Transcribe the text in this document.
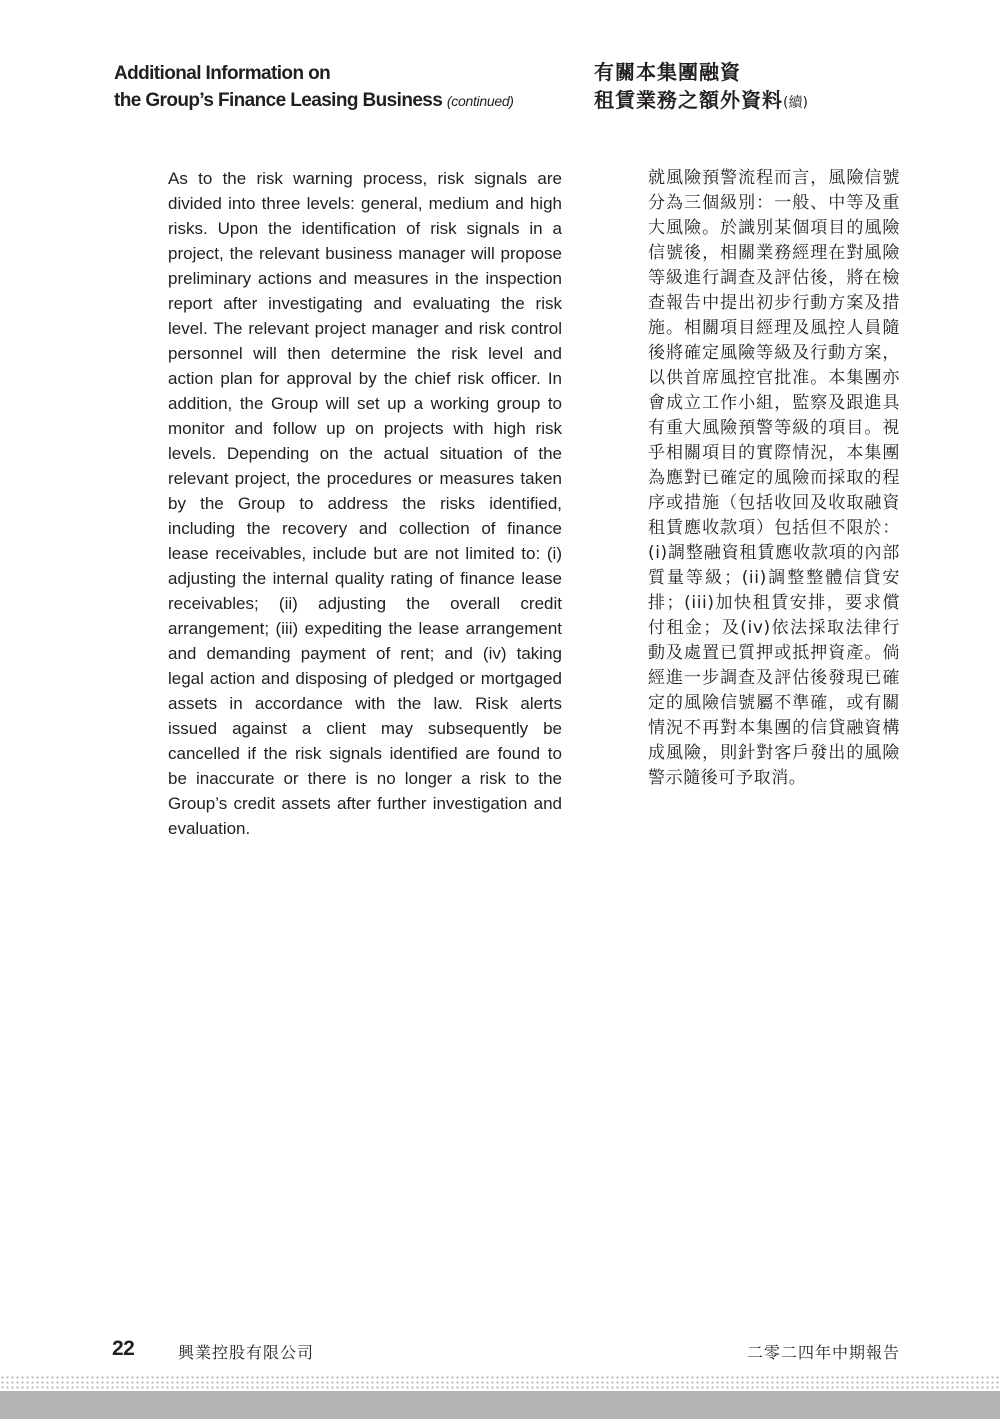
Additional Information on
the Group’s Finance Leasing Business (continued)
有關本集團融資
租賃業務之額外資料(續)

As to the risk warning process, risk signals are divided into three levels: general, medium and high risks. Upon the identification of risk signals in a project, the relevant business manager will propose preliminary actions and measures in the inspection report after investigating and evaluating the risk level. The relevant project manager and risk control personnel will then determine the risk level and action plan for approval by the chief risk officer. In addition, the Group will set up a working group to monitor and follow up on projects with high risk levels. Depending on the actual situation of the relevant project, the procedures or measures taken by the Group to address the risks identified, including the recovery and collection of finance lease receivables, include but are not limited to: (i) adjusting the internal quality rating of finance lease receivables; (ii) adjusting the overall credit arrangement; (iii) expediting the lease arrangement and demanding payment of rent; and (iv) taking legal action and disposing of pledged or mortgaged assets in accordance with the law. Risk alerts issued against a client may subsequently be cancelled if the risk signals identified are found to be inaccurate or there is no longer a risk to the Group’s credit assets after further investigation and evaluation.

就風險預警流程而言，風險信號分為三個級別：一般、中等及重大風險。於識別某個項目的風險信號後，相關業務經理在對風險等級進行調查及評估後，將在檢查報告中提出初步行動方案及措施。相關項目經理及風控人員隨後將確定風險等級及行動方案，以供首席風控官批准。本集團亦會成立工作小組，監察及跟進具有重大風險預警等級的項目。視乎相關項目的實際情況，本集團為應對已確定的風險而採取的程序或措施（包括收回及收取融資租賃應收款項）包括但不限於：(i)調整融資租賃應收款項的內部質量等級；(ii)調整整體信貸安排；(iii)加快租賃安排，要求償付租金；及(iv)依法採取法律行動及處置已質押或抵押資產。倘經進一步調查及評估後發現已確定的風險信號屬不準確，或有關情況不再對本集團的信貸融資構成風險，則針對客戶發出的風險警示隨後可予取消。

22	興業控股有限公司	二零二四年中期報告
